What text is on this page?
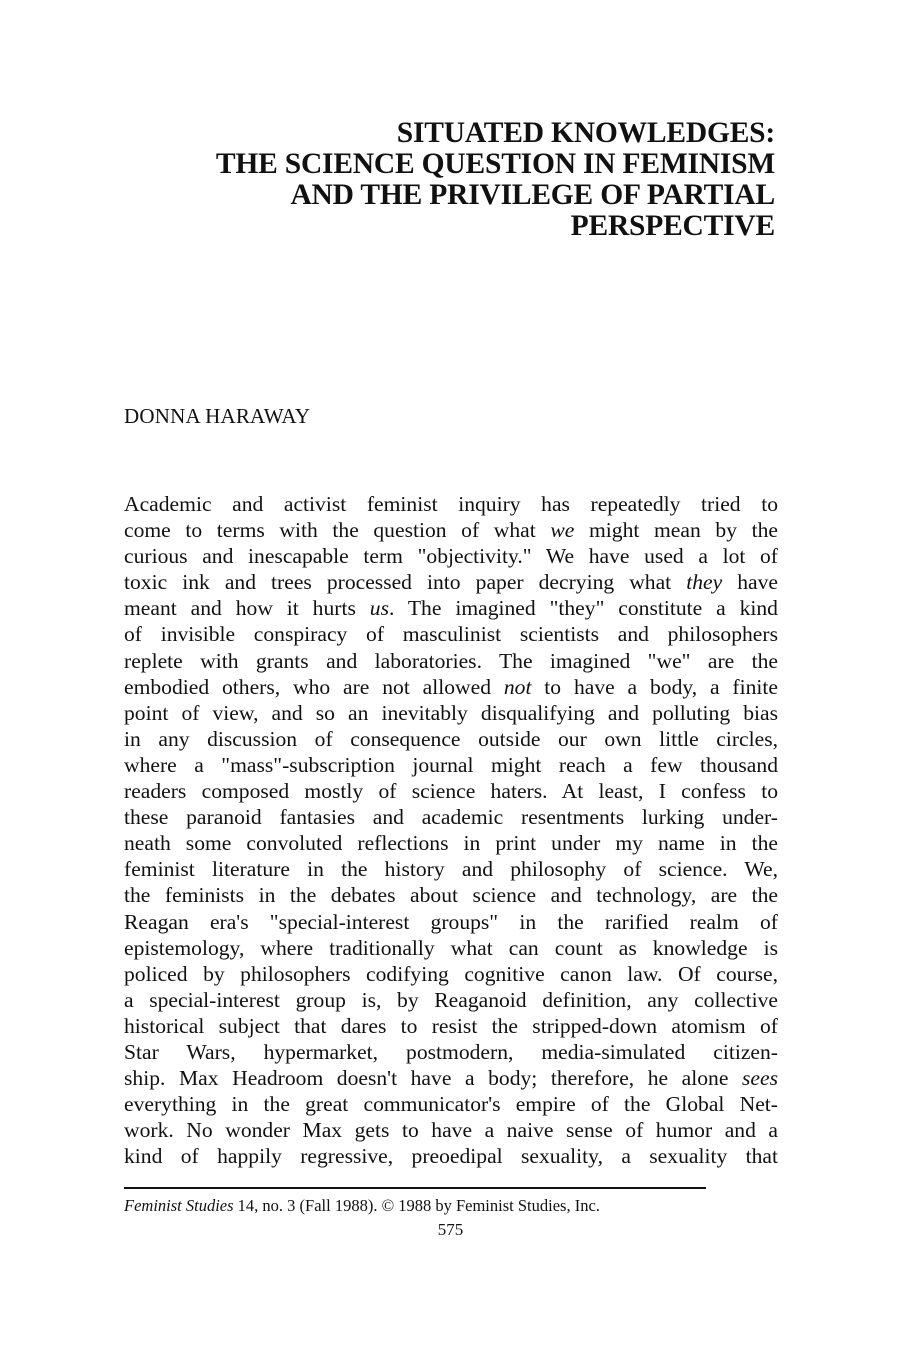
SITUATED KNOWLEDGES:
THE SCIENCE QUESTION IN FEMINISM
AND THE PRIVILEGE OF PARTIAL
PERSPECTIVE
DONNA HARAWAY
Academic and activist feminist inquiry has repeatedly tried to
come to terms with the question of what we might mean by the
curious and inescapable term "objectivity." We have used a lot of
toxic ink and trees processed into paper decrying what they have
meant and how it hurts us. The imagined "they" constitute a kind
of invisible conspiracy of masculinist scientists and philosophers
replete with grants and laboratories. The imagined "we" are the
embodied others, who are not allowed not to have a body, a finite
point of view, and so an inevitably disqualifying and polluting bias
in any discussion of consequence outside our own little circles,
where a "mass"-subscription journal might reach a few thousand
readers composed mostly of science haters. At least, I confess to
these paranoid fantasies and academic resentments lurking under-
neath some convoluted reflections in print under my name in the
feminist literature in the history and philosophy of science. We,
the feminists in the debates about science and technology, are the
Reagan era's "special-interest groups" in the rarified realm of
epistemology, where traditionally what can count as knowledge is
policed by philosophers codifying cognitive canon law. Of course,
a special-interest group is, by Reaganoid definition, any collective
historical subject that dares to resist the stripped-down atomism of
Star Wars, hypermarket, postmodern, media-simulated citizen-
ship. Max Headroom doesn't have a body; therefore, he alone sees
everything in the great communicator's empire of the Global Net-
work. No wonder Max gets to have a naive sense of humor and a
kind of happily regressive, preoedipal sexuality, a sexuality that
Feminist Studies 14, no. 3 (Fall 1988). © 1988 by Feminist Studies, Inc.
575
